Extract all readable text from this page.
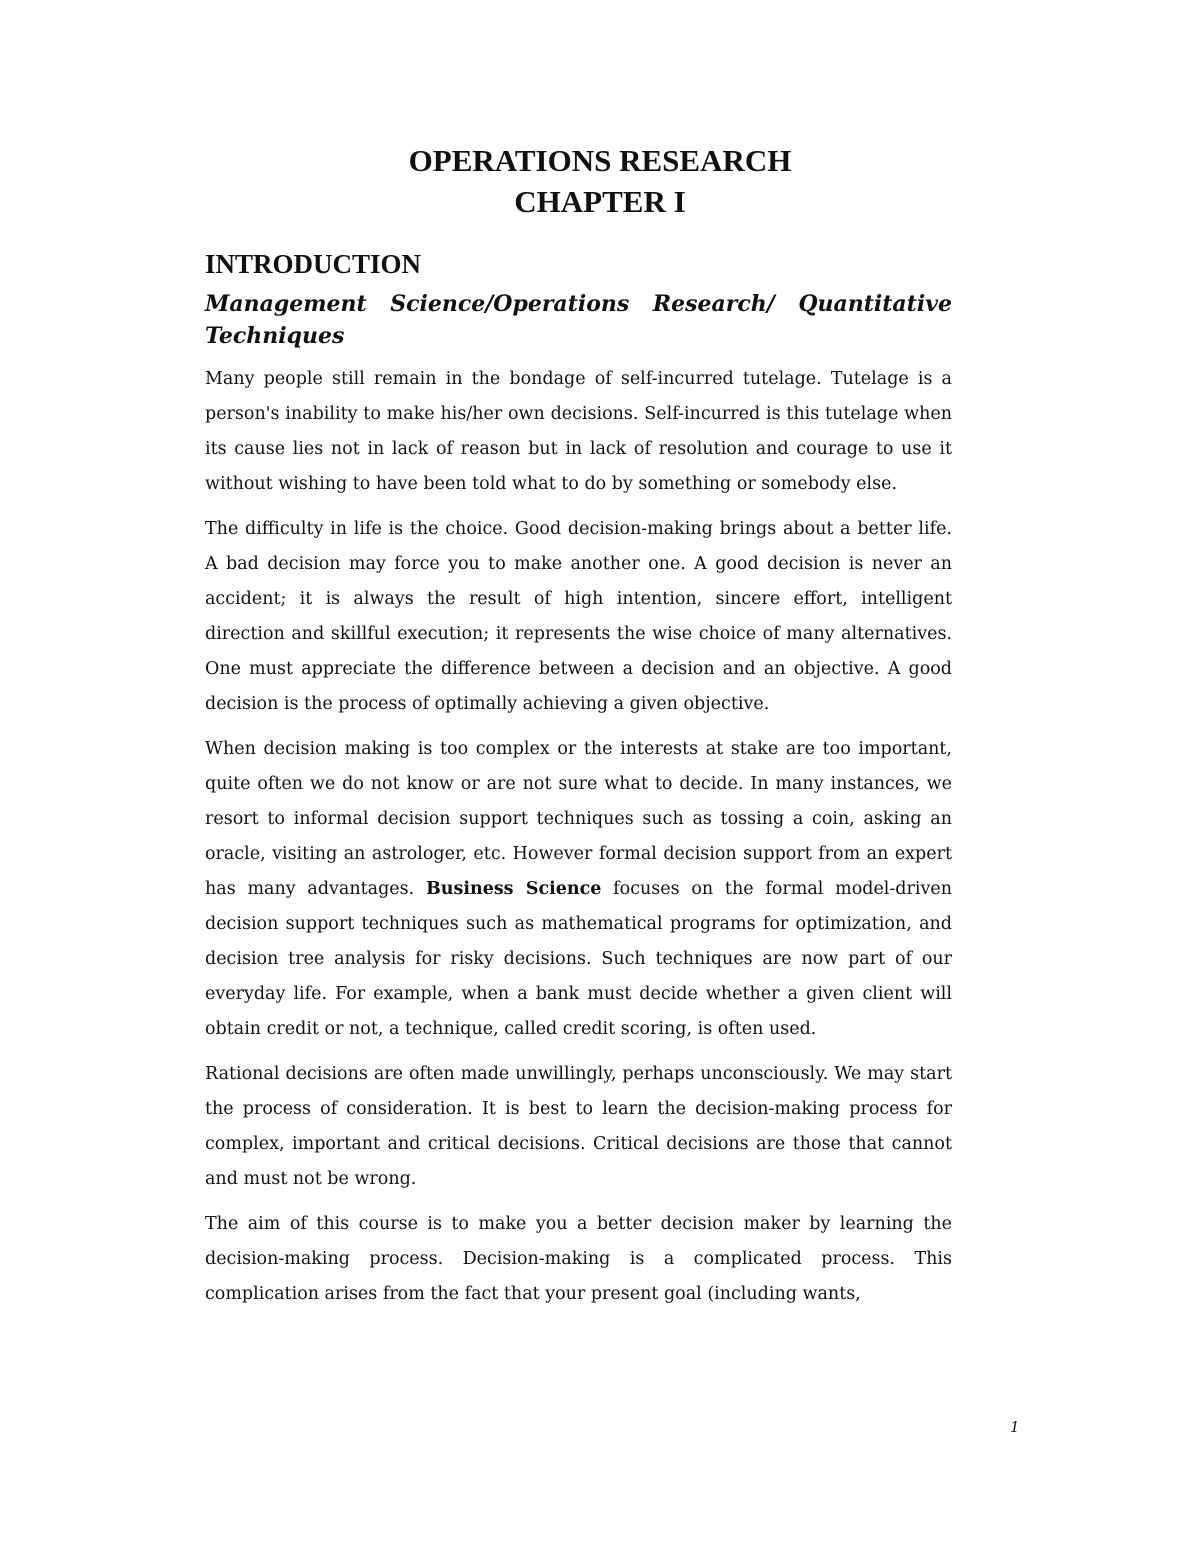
OPERATIONS RESEARCH
CHAPTER I
INTRODUCTION
Management Science/Operations Research/ Quantitative Techniques

Many people still remain in the bondage of self-incurred tutelage. Tutelage is a person's inability to make his/her own decisions. Self-incurred is this tutelage when its cause lies not in lack of reason but in lack of resolution and courage to use it without wishing to have been told what to do by something or somebody else.

The difficulty in life is the choice. Good decision-making brings about a better life. A bad decision may force you to make another one. A good decision is never an accident; it is always the result of high intention, sincere effort, intelligent direction and skillful execution; it represents the wise choice of many alternatives. One must appreciate the difference between a decision and an objective. A good decision is the process of optimally achieving a given objective.

When decision making is too complex or the interests at stake are too important, quite often we do not know or are not sure what to decide. In many instances, we resort to informal decision support techniques such as tossing a coin, asking an oracle, visiting an astrologer, etc. However formal decision support from an expert has many advantages. Business Science focuses on the formal model-driven decision support techniques such as mathematical programs for optimization, and decision tree analysis for risky decisions. Such techniques are now part of our everyday life. For example, when a bank must decide whether a given client will obtain credit or not, a technique, called credit scoring, is often used.

Rational decisions are often made unwillingly, perhaps unconsciously. We may start the process of consideration. It is best to learn the decision-making process for complex, important and critical decisions. Critical decisions are those that cannot and must not be wrong.

The aim of this course is to make you a better decision maker by learning the decision-making process. Decision-making is a complicated process. This complication arises from the fact that your present goal (including wants,

1
